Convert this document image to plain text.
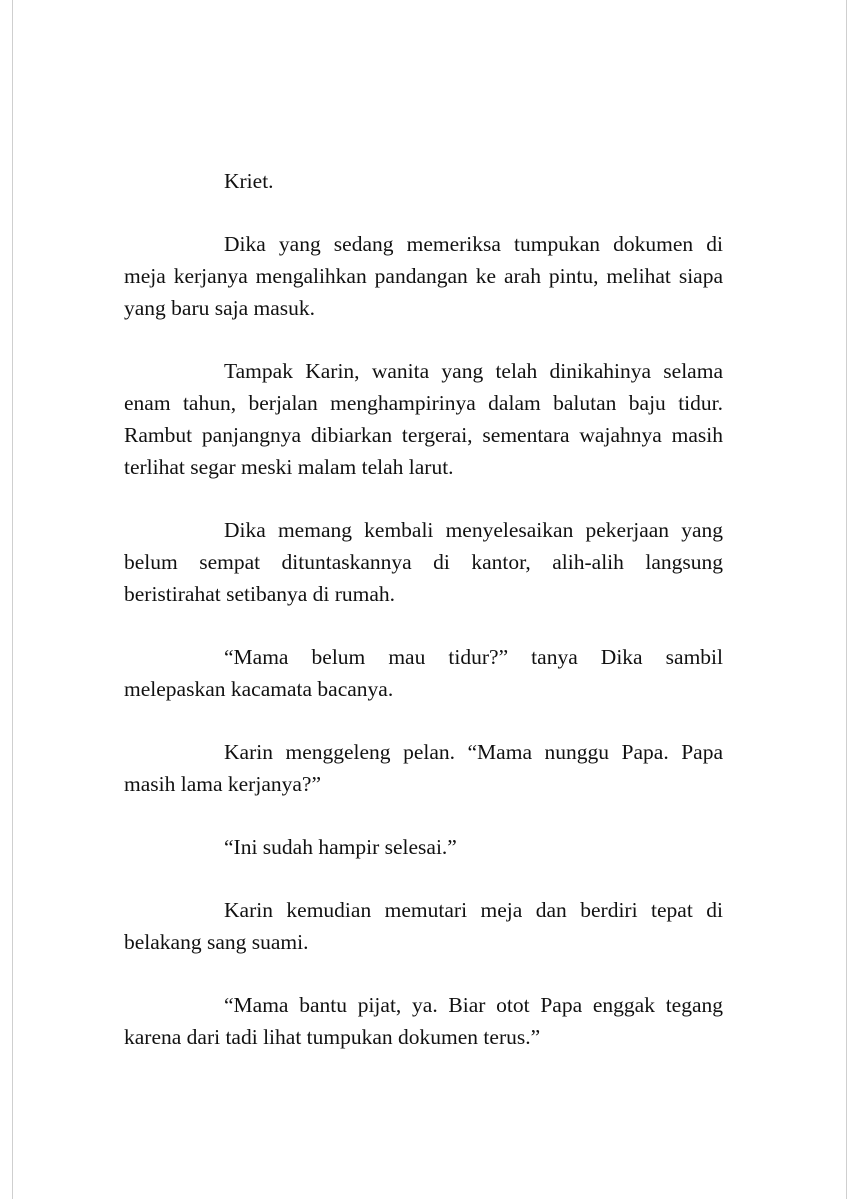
Kriet.

Dika yang sedang memeriksa tumpukan dokumen di meja kerjanya mengalihkan pandangan ke arah pintu, melihat siapa yang baru saja masuk.

Tampak Karin, wanita yang telah dinikahinya selama enam tahun, berjalan menghampirinya dalam balutan baju tidur. Rambut panjangnya dibiarkan tergerai, sementara wajahnya masih terlihat segar meski malam telah larut.

Dika memang kembali menyelesaikan pekerjaan yang belum sempat dituntaskannya di kantor, alih-alih langsung beristirahat setibanya di rumah.

“Mama belum mau tidur?” tanya Dika sambil melepaskan kacamata bacanya.

Karin menggeleng pelan. “Mama nunggu Papa. Papa masih lama kerjanya?”

“Ini sudah hampir selesai.”

Karin kemudian memutari meja dan berdiri tepat di belakang sang suami.

“Mama bantu pijat, ya. Biar otot Papa enggak tegang karena dari tadi lihat tumpukan dokumen terus.”
